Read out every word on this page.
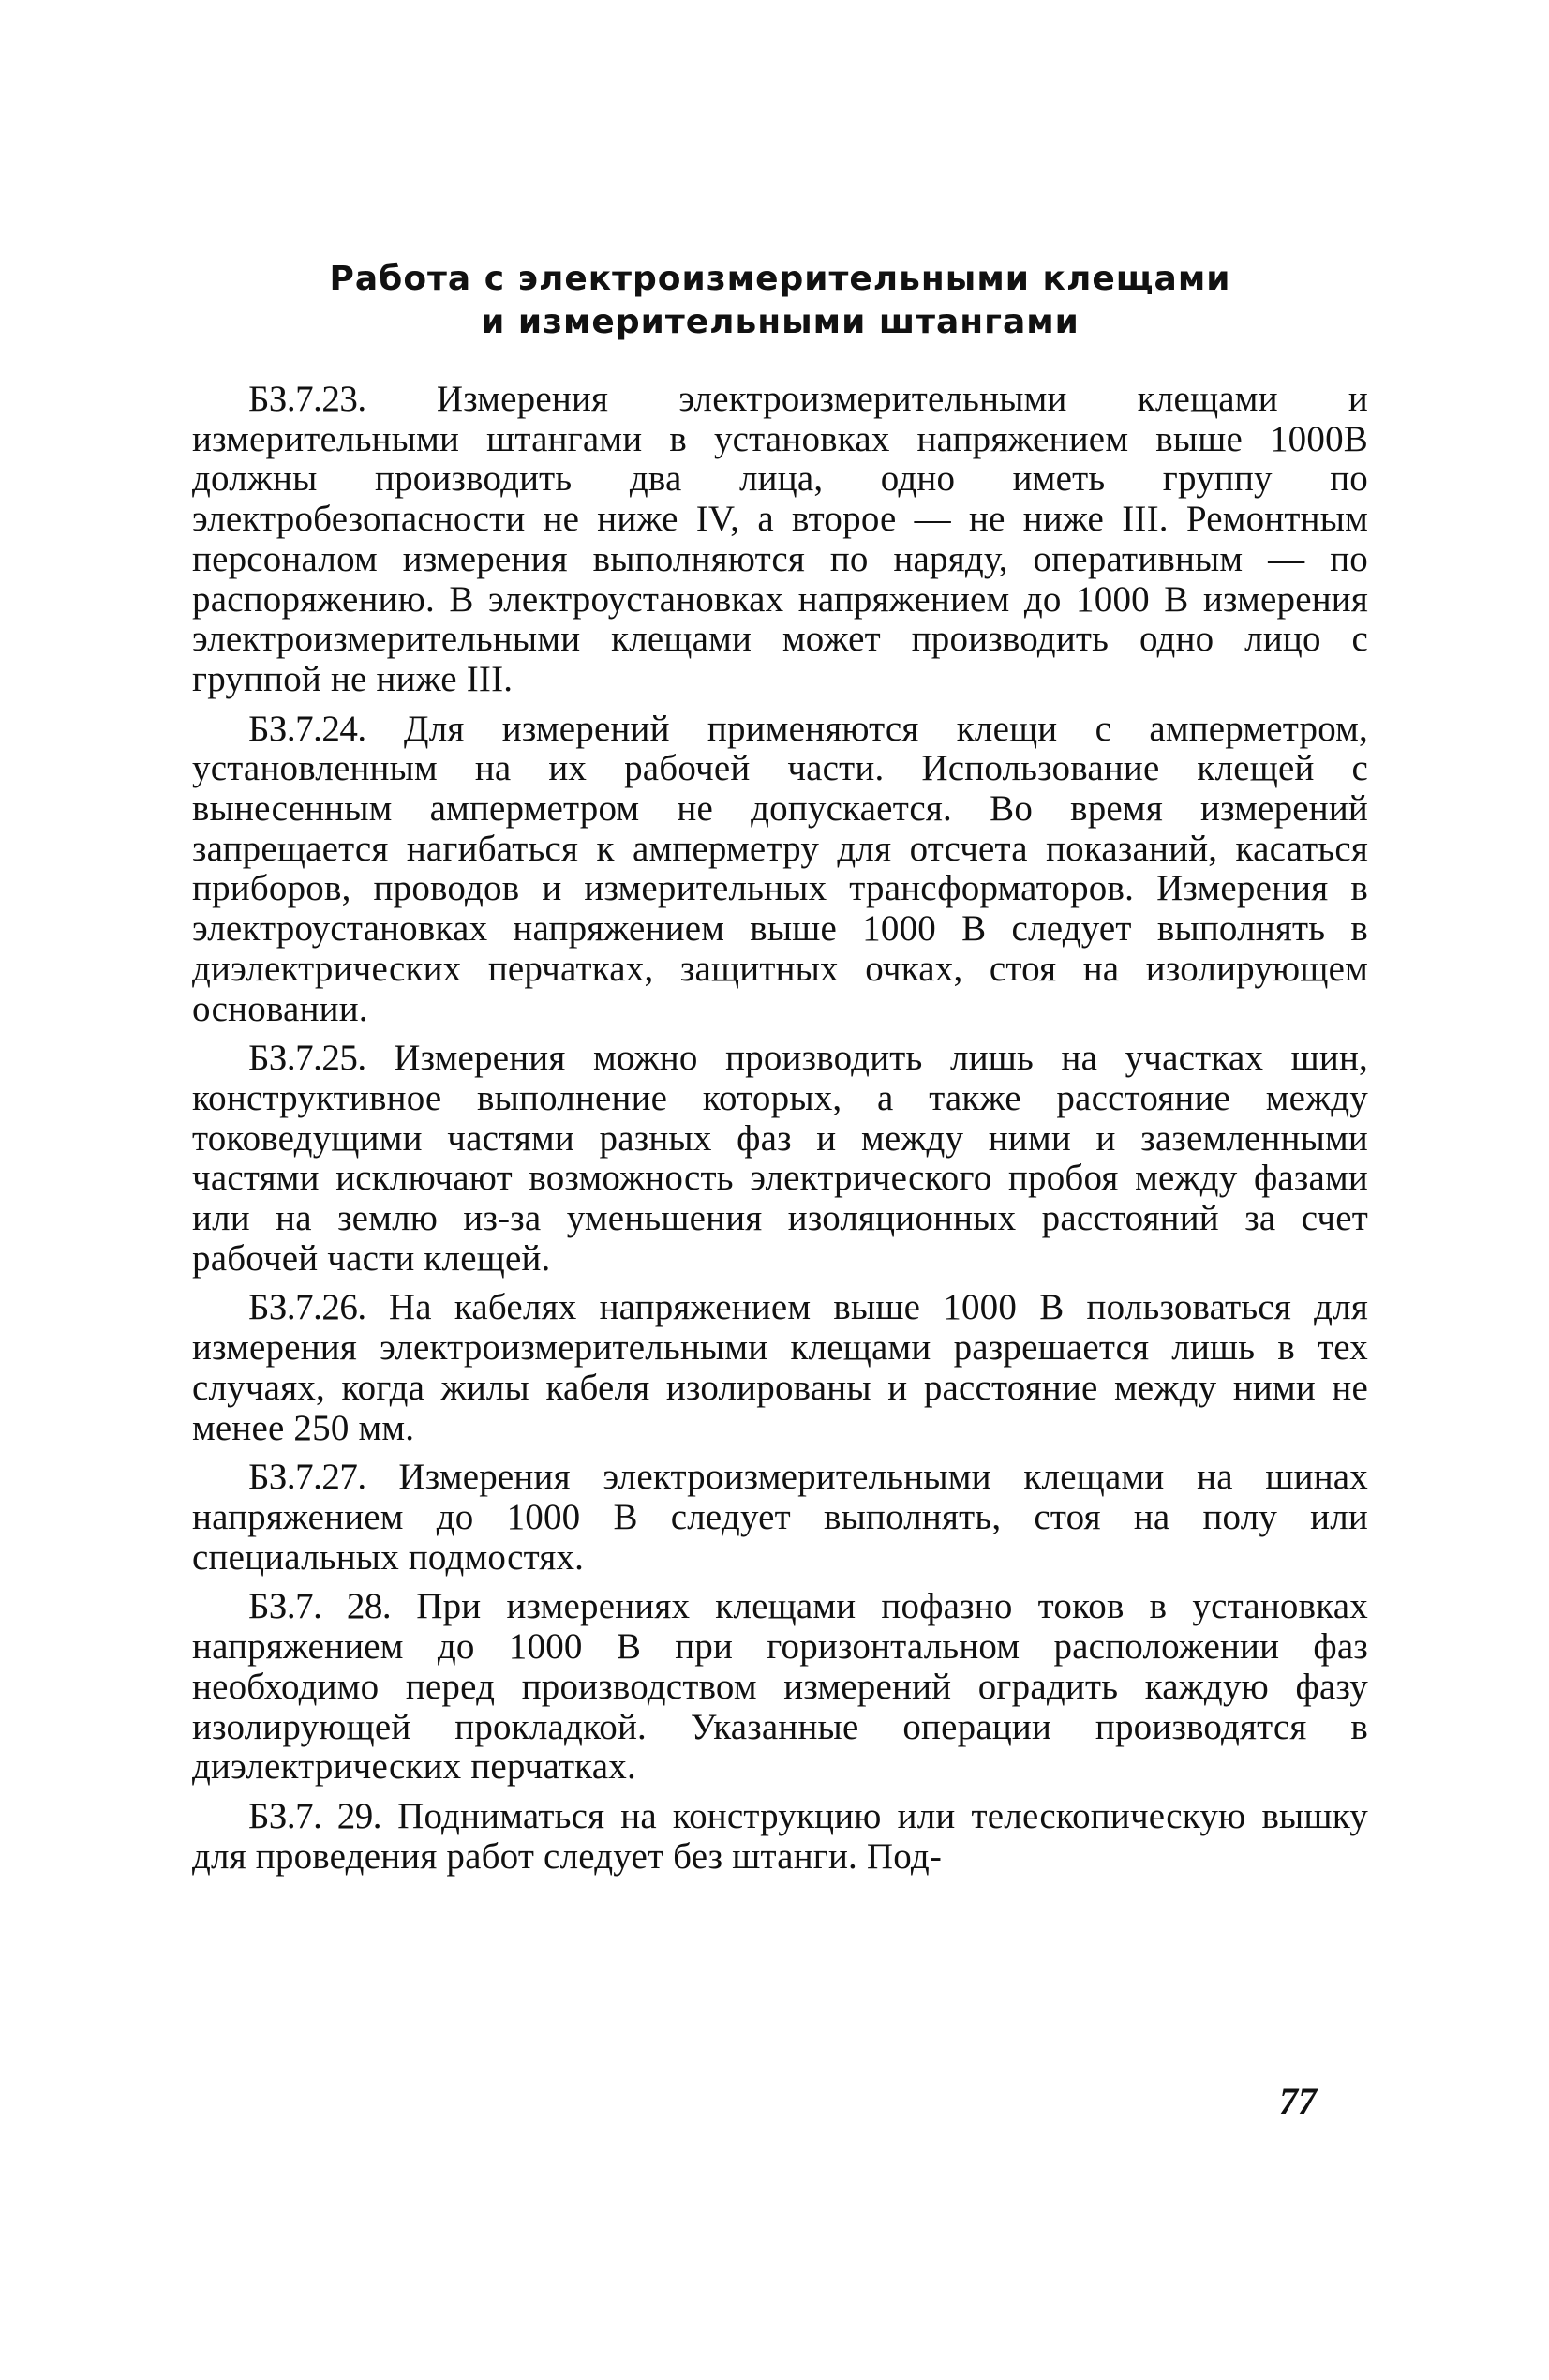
Работа с электроизмерительными клещами
и измерительными штангами

БЗ.7.23. Измерения электроизмерительными клещами и измерительными штангами в установках напряжением выше 1000В должны производить два лица, одно иметь группу по электробезопасности не ниже IV, а второе — не ниже III. Ремонтным персоналом измерения выполняются по наряду, оперативным — по распоряжению. В электроустановках напряжением до 1000 В измерения электроизмерительными клещами может производить одно лицо с группой не ниже III.

БЗ.7.24. Для измерений применяются клещи с амперметром, установленным на их рабочей части. Использование клещей с вынесенным амперметром не допускается. Во время измерений запрещается нагибаться к амперметру для отсчета показаний, касаться приборов, проводов и измерительных трансформаторов. Измерения в электроустановках напряжением выше 1000 В следует выполнять в диэлектрических перчатках, защитных очках, стоя на изолирующем основании.

БЗ.7.25. Измерения можно производить лишь на участках шин, конструктивное выполнение которых, а также расстояние между токоведущими частями разных фаз и между ними и заземленными частями исключают возможность электрического пробоя между фазами или на землю из-за уменьшения изоляционных расстояний за счет рабочей части клещей.

БЗ.7.26. На кабелях напряжением выше 1000 В пользоваться для измерения электроизмерительными клещами разрешается лишь в тех случаях, когда жилы кабеля изолированы и расстояние между ними не менее 250 мм.

БЗ.7.27. Измерения электроизмерительными клещами на шинах напряжением до 1000 В следует выполнять, стоя на полу или специальных подмостях.

БЗ.7. 28. При измерениях клещами пофазно токов в установках напряжением до 1000 В при горизонтальном расположении фаз необходимо перед производством измерений оградить каждую фазу изолирующей прокладкой. Указанные операции производятся в диэлектрических перчатках.

БЗ.7. 29. Подниматься на конструкцию или телескопическую вышку для проведения работ следует без штанги. Под-

77
